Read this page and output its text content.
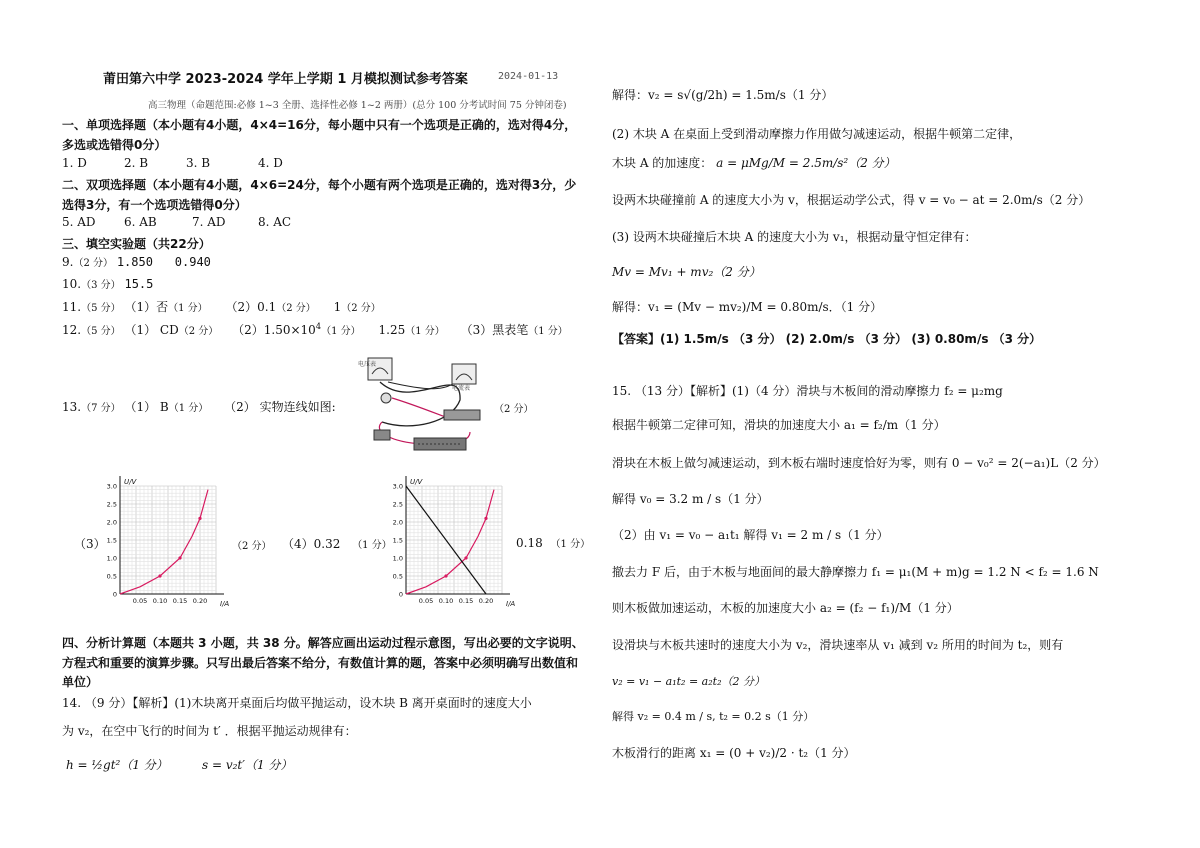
莆田第六中学 2023-2024 学年上学期 1 月模拟测试参考答案	2024-01-13
高三物理（命题范围:必修 1~3 全册、选择性必修 1~2 两册）(总分 100 分考试时间 75 分钟闭卷)
一、单项选择题（本小题有4小题，4×4=16分，每小题中只有一个选项是正确的，选对得4分，
多选或选错得0分）
1. D	2. B	3. B	4. D
二、双项选择题（本小题有4小题，4×6=24分，每个小题有两个选项是正确的，选对得3分，少
选得3分，有一个选项选错得0分）
5. AD 6. AB	7. AD	8. AC
三、填空实验题（共22分）
9.（2 分） 1.850 0.940
10.（3 分） 15.5
11.（5 分） （1）否（1 分） （2）0.1（2 分） 1（2 分）
12.（5 分） （1） CD（2 分） $(2)1.50\times 10^4(1$ 分） 1.25（1 分） （3）黑表笔（1 分）
13.（7 分） （1） B（1 分） （2） 实物连线如图:	（2 分）
电压表
电流表
（3）	（2 分） （4）0.32 （1 分）	0.18 （1 分）
U/V
I/A
3.0
2.5
2.0
1.5
1.0
0.5
0
0.05 0.10 0.15 0.20
U/V
I/A
3.0
2.5
2.0
1.5
1.0
0.5
0
0.05 0.10 0.15 0.20
四、分析计算题（本题共 3 小题，共 38 分。解答应画出运动过程示意图，写出必要的文字说明、
方程式和重要的演算步骤。只写出最后答案不给分，有数值计算的题，答案中必须明确写出数值和
单位）
14. （9 分）【解析】(1)木块离开桌面后均做平抛运动，设木块 B 离开桌面时的速度大小
为 v₂，在空中飞行的时间为 t′ ．根据平抛运动规律有：
h = ½gt²（1 分）	s = v₂t′（1 分）
解得：v₂ = s√(g/2h) = 1.5m/s（1 分）
(2) 木块 A 在桌面上受到滑动摩擦力作用做匀减速运动，根据牛顿第二定律，
木块 A 的加速度： a = μMg/M = 2.5m/s²（2 分）
设两木块碰撞前 A 的速度大小为 v，根据运动学公式，得 v = v₀ − at = 2.0m/s（2 分）
(3) 设两木块碰撞后木块 A 的速度大小为 v₁，根据动量守恒定律有：
Mv = Mv₁ + mv₂（2 分）
解得：v₁ = (Mv − mv₂)/M = 0.80m/s．（1 分）
【答案】(1) 1.5m/s （3 分） (2) 2.0m/s （3 分） (3) 0.80m/s （3 分）
15. （13 分）【解析】(1)（4 分）滑块与木板间的滑动摩擦力 f₂ = μ₂mg
根据牛顿第二定律可知，滑块的加速度大小 a₁ = f₂/m（1 分）
滑块在木板上做匀减速运动，到木板右端时速度恰好为零，则有 0 − v₀² = 2(−a₁)L（2 分）
解得 v₀ = 3.2 m / s（1 分）
（2）由 v₁ = v₀ − a₁t₁ 解得 v₁ = 2 m / s（1 分）
撤去力 F 后，由于木板与地面间的最大静摩擦力 f₁ = μ₁(M + m)g = 1.2 N < f₂ = 1.6 N
则木板做加速运动，木板的加速度大小 a₂ = (f₂ − f₁)/M（1 分）
设滑块与木板共速时的速度大小为 v₂，滑块速率从 v₁ 减到 v₂ 所用的时间为 t₂，则有
v₂ = v₁ − a₁t₂ = a₂t₂（2 分）
解得 v₂ = 0.4 m / s, t₂ = 0.2 s（1 分）
木板滑行的距离 x₁ = (0 + v₂)/2 · t₂（1 分）
